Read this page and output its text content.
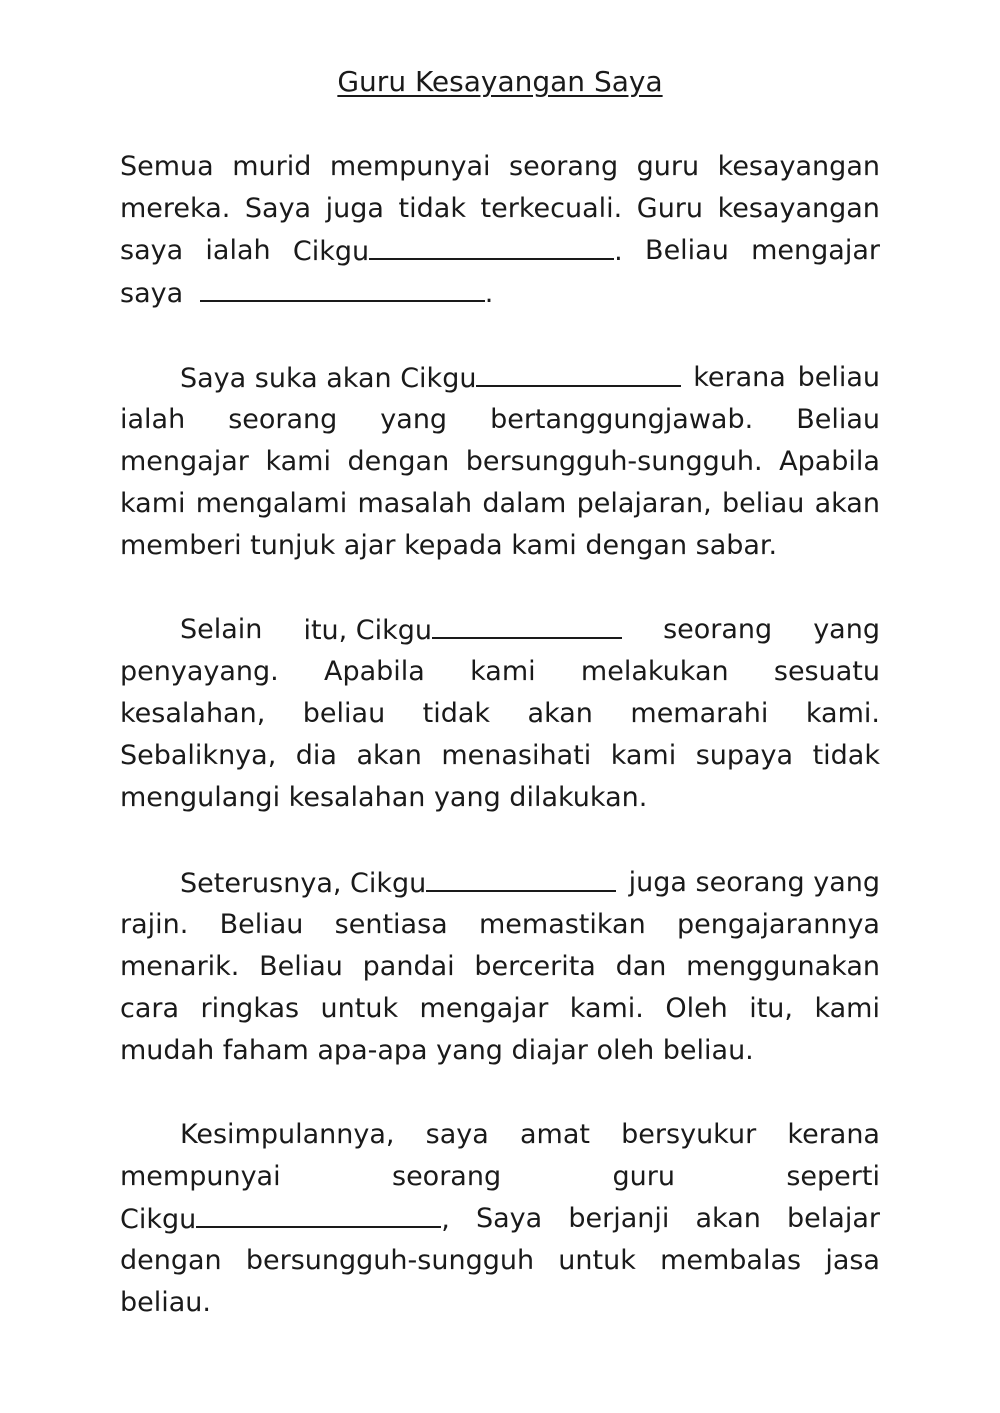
Guru Kesayangan Saya
Semua murid mempunyai seorang guru kesayangan
mereka. Saya juga tidak terkecuali. Guru kesayangan
saya ialah Cikgu	. Beliau mengajar
saya	.
Saya suka akan Cikgu	kerana beliau
ialah seorang yang bertanggungjawab. Beliau
mengajar kami dengan bersungguh-sungguh. Apabila
kami mengalami masalah dalam pelajaran, beliau akan
memberi tunjuk ajar kepada kami dengan sabar.
Selain itu, Cikgu	seorang yang
penyayang. Apabila kami melakukan sesuatu
kesalahan, beliau tidak akan memarahi kami.
Sebaliknya, dia akan menasihati kami supaya tidak
mengulangi kesalahan yang dilakukan.
Seterusnya, Cikgu	juga seorang yang
rajin. Beliau sentiasa memastikan pengajarannya
menarik. Beliau pandai bercerita dan menggunakan
cara ringkas untuk mengajar kami. Oleh itu, kami
mudah faham apa-apa yang diajar oleh beliau.
Kesimpulannya, saya amat bersyukur kerana
mempunyai	seorang	guru	seperti
Cikgu	, Saya berjanji akan belajar
dengan bersungguh-sungguh untuk membalas jasa
beliau.
